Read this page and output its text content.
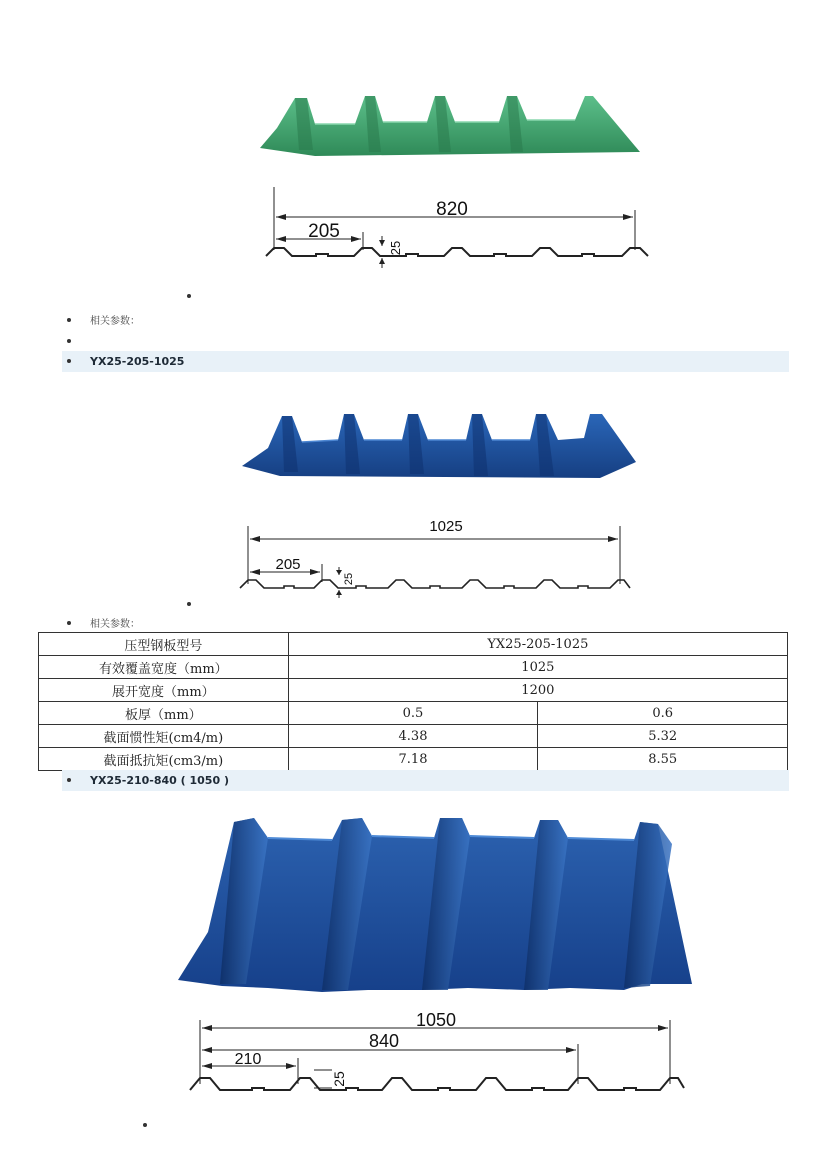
820
205
25
相关参数：
YX25-205-1025
1025
205
25
相关参数：
压型钢板型号	YX25-205-1025	
有效覆盖宽度（mm）	1025	
展开宽度（mm）	1200	
板厚（mm）	0.5	0.6
截面惯性矩(cm4/m)	4.38	5.32
截面抵抗矩(cm3/m)	7.18	8.55
YX25-210-840 ( 1050 )
1050
840
210
25
